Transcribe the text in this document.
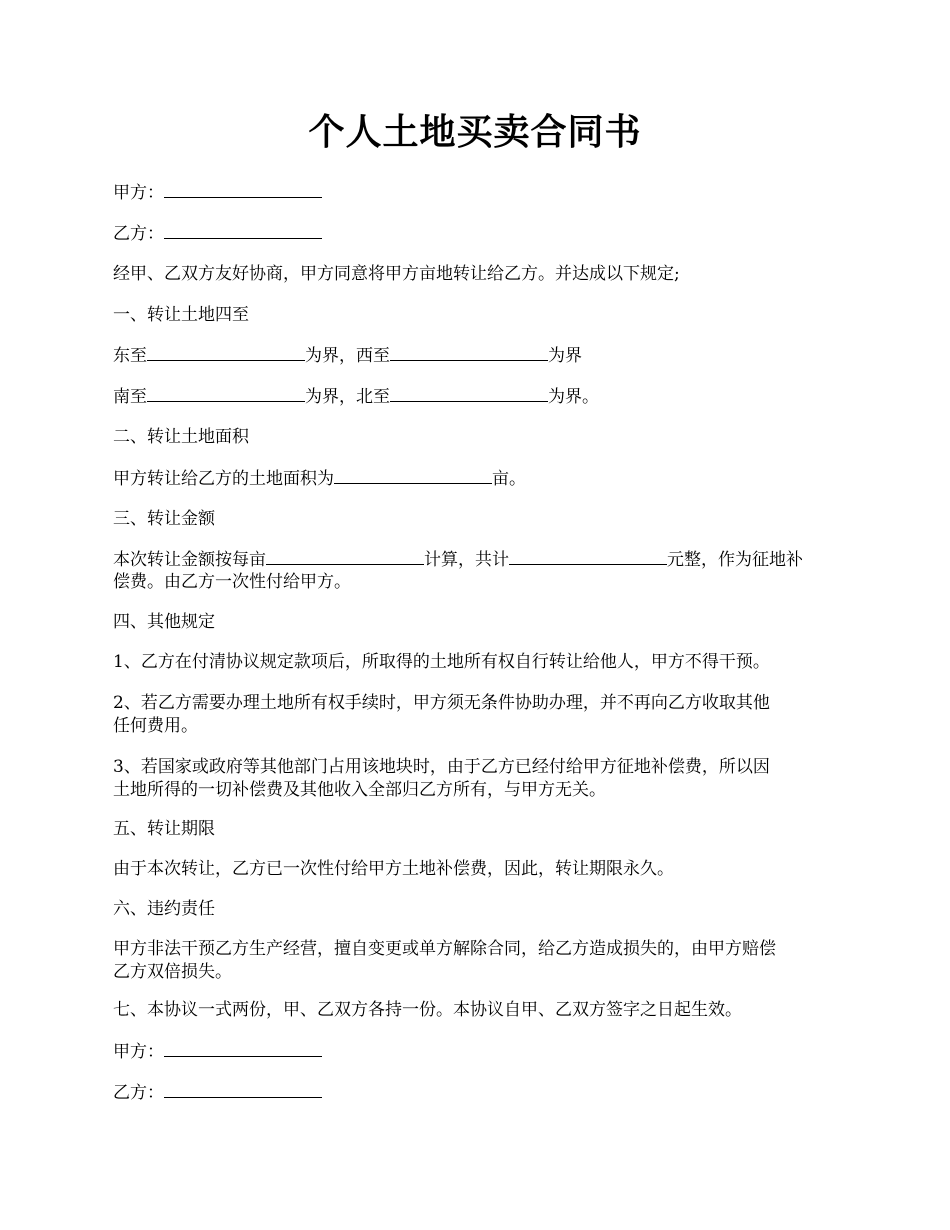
个人土地买卖合同书
甲方：
乙方：
经甲、乙双方友好协商，甲方同意将甲方亩地转让给乙方。并达成以下规定;
一、转让土地四至
东至	为界，西至	为界
南至	为界，北至	为界。
二、转让土地面积
甲方转让给乙方的土地面积为	亩。
三、转让金额
本次转让金额按每亩	计算，共计	元整，作为征地补
偿费。由乙方一次性付给甲方。
四、其他规定
1、乙方在付清协议规定款项后，所取得的土地所有权自行转让给他人，甲方不得干预。
2、若乙方需要办理土地所有权手续时，甲方须无条件协助办理，并不再向乙方收取其他
任何费用。
3、若国家或政府等其他部门占用该地块时，由于乙方已经付给甲方征地补偿费，所以因
土地所得的一切补偿费及其他收入全部归乙方所有，与甲方无关。
五、转让期限
由于本次转让，乙方已一次性付给甲方土地补偿费，因此，转让期限永久。
六、违约责任
甲方非法干预乙方生产经营，擅自变更或单方解除合同，给乙方造成损失的，由甲方赔偿
乙方双倍损失。
七、本协议一式两份，甲、乙双方各持一份。本协议自甲、乙双方签字之日起生效。
甲方：
乙方：
